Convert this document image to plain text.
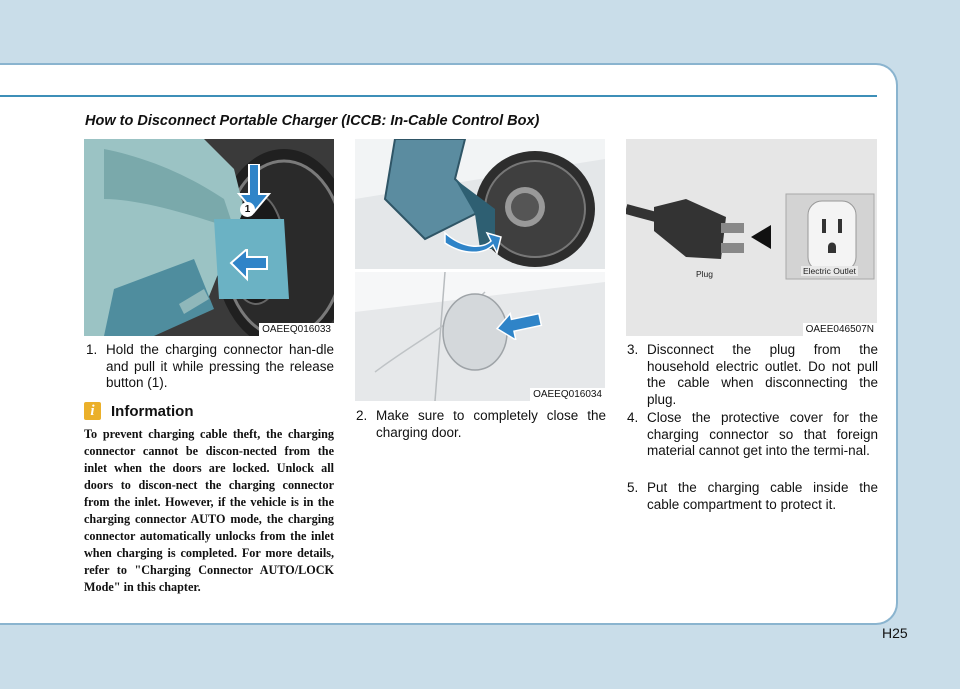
How to Disconnect Portable Charger (ICCB: In-Cable Control Box)
1
OAEEQ016033
OAEEQ016034
Plug	Electric Outlet
OAEE046507N

1. Hold the charging connector han-dle and pull it while pressing the release button (1).

2. Make sure to completely close the charging door.

3. Disconnect the plug from the household electric outlet. Do not pull the cable when disconnecting the plug.

4. Close the protective cover for the charging connector so that foreign material cannot get into the termi-nal.

5. Put the charging cable inside the cable compartment to protect it.

i	Information

To prevent charging cable theft, the charging connector cannot be discon-nected from the inlet when the doors are locked. Unlock all doors to discon-nect the charging connector from the inlet. However, if the vehicle is in the charging connector AUTO mode, the charging connector automatically unlocks from the inlet when charging is completed. For more details, refer to "Charging Connector AUTO/LOCK Mode" in this chapter.

H25
